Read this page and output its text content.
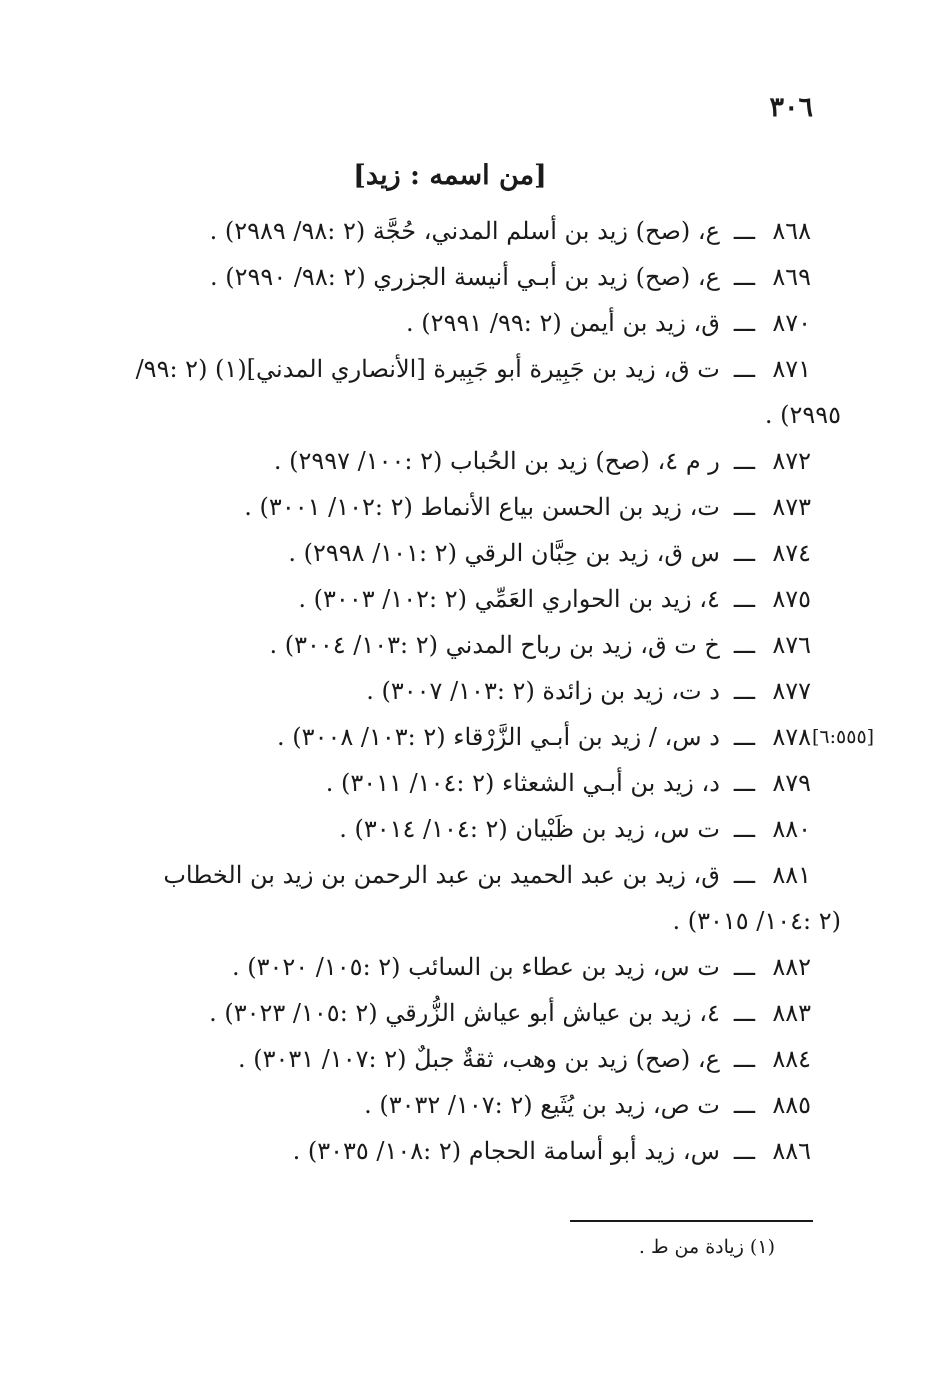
٣٠٦
[من اسمه : زيد]
٨٦٨
ـــ
ع، (صح) زيد بن أسلم المدني، حُجَّة (٢ :٩٨/ ٢٩٨٩) .
٨٦٩
ـــ
ع، (صح) زيد بن أبـي أنيسة الجزري (٢ :٩٨/ ٢٩٩٠) .
٨٧٠
ـــ
ق، زيد بن أيمن (٢ :٩٩/ ٢٩٩١) .
٨٧١
ـــ
ت ق، زيد بن جَبِيرة أبو جَبِيرة [الأنصاري المدني](١) (٢ :٩٩/
٢٩٩٥) .
٨٧٢
ـــ
ر م ٤، (صح) زيد بن الحُباب (٢ :١٠٠/ ٢٩٩٧) .
٨٧٣
ـــ
ت، زيد بن الحسن بياع الأنماط (٢ :١٠٢/ ٣٠٠١) .
٨٧٤
ـــ
س ق، زيد بن حِبَّان الرقي (٢ :١٠١/ ٢٩٩٨) .
٨٧٥
ـــ
٤، زيد بن الحواري العَمِّي (٢ :١٠٢/ ٣٠٠٣) .
٨٧٦
ـــ
خ ت ق، زيد بن رباح المدني (٢ :١٠٣/ ٣٠٠٤) .
٨٧٧
ـــ
د ت، زيد بن زائدة (٢ :١٠٣/ ٣٠٠٧) .
٨٧٨
ـــ
د س، / زيد بن أبـي الزَّرْقاء (٢ :١٠٣/ ٣٠٠٨) .
٨٧٩
ـــ
د، زيد بن أبـي الشعثاء (٢ :١٠٤/ ٣٠١١) .
٨٨٠
ـــ
ت س، زيد بن ظَبْيان (٢ :١٠٤/ ٣٠١٤) .
٨٨١
ـــ
ق، زيد بن عبد الحميد بن عبد الرحمن بن زيد بن الخطاب
(٢ :١٠٤/ ٣٠١٥) .
٨٨٢
ـــ
ت س، زيد بن عطاء بن السائب (٢ :١٠٥/ ٣٠٢٠) .
٨٨٣
ـــ
٤، زيد بن عياش أبو عياش الزُّرقي (٢ :١٠٥/ ٣٠٢٣) .
٨٨٤
ـــ
ع، (صح) زيد بن وهب، ثقةٌ جبلٌ (٢ :١٠٧/ ٣٠٣١) .
٨٨٥
ـــ
ت ص، زيد بن يُثَيع (٢ :١٠٧/ ٣٠٣٢) .
٨٨٦
ـــ
س، زيد أبو أسامة الحجام (٢ :١٠٨/ ٣٠٣٥) .
(١) زيادة من ط .
[٦:٥٥٥]
